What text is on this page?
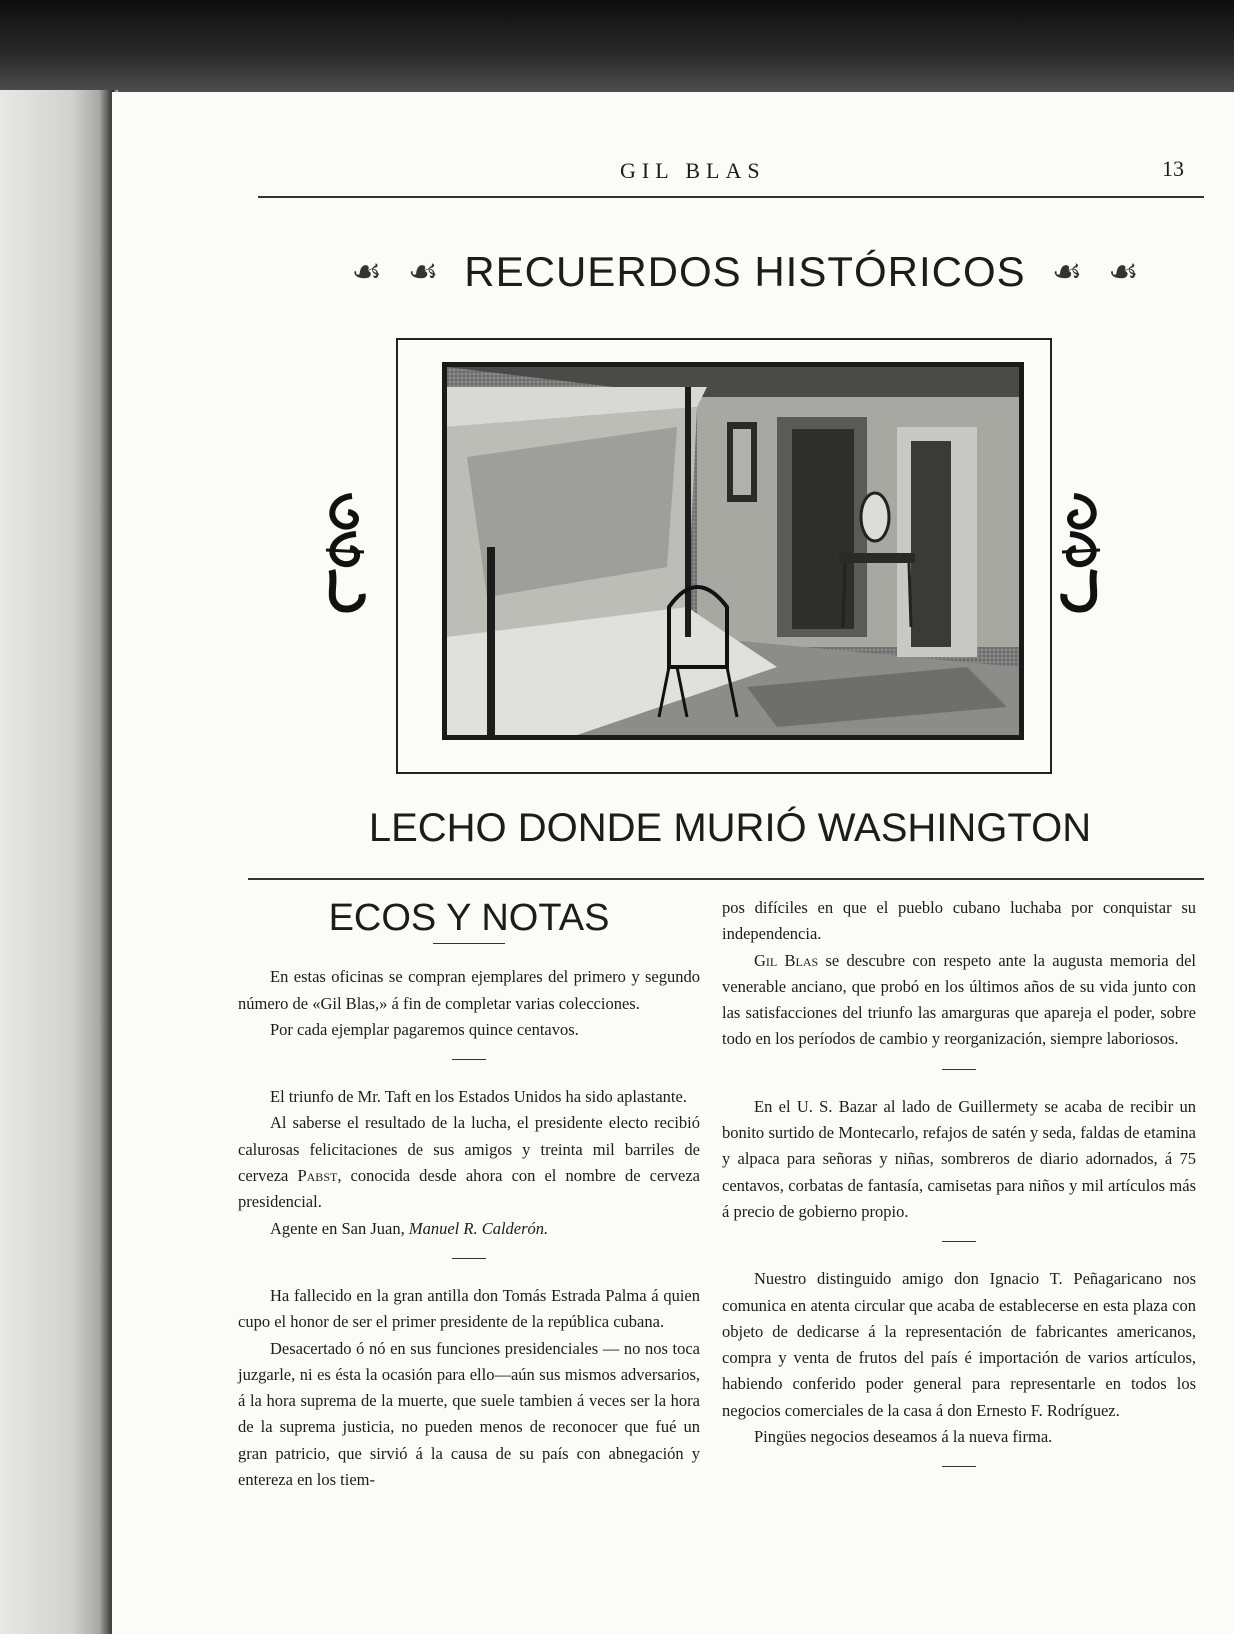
GIL BLAS	13
☙ ☙ RECUERDOS HISTÓRICOS ☙ ☙
LECHO DONDE MURIÓ WASHINGTON
ECOS Y NOTAS

En estas oficinas se compran ejemplares del primero y segundo número de «Gil Blas,» á fin de completar varias colecciones.

Por cada ejemplar pagaremos quince centavos.

El triunfo de Mr. Taft en los Estados Unidos ha sido aplastante.

Al saberse el resultado de la lucha, el presidente electo recibió calurosas felicitaciones de sus amigos y treinta mil barriles de cerveza Pabst, conocida desde ahora con el nombre de cerveza presidencial.

Agente en San Juan, Manuel R. Calderón.

Ha fallecido en la gran antilla don Tomás Estrada Palma á quien cupo el honor de ser el primer presidente de la república cubana.

Desacertado ó nó en sus funciones presidenciales — no nos toca juzgarle, ni es ésta la ocasión para ello—aún sus mismos adversarios, á la hora suprema de la muerte, que suele tambien á veces ser la hora de la suprema justicia, no pueden menos de reconocer que fué un gran patricio, que sirvió á la causa de su país con abnegación y entereza en los tiem-

pos difíciles en que el pueblo cubano luchaba por conquistar su independencia.

Gil Blas se descubre con respeto ante la augusta memoria del venerable anciano, que probó en los últimos años de su vida junto con las satisfacciones del triunfo las amarguras que apareja el poder, sobre todo en los períodos de cambio y reorganización, siempre laboriosos.

En el U. S. Bazar al lado de Guillermety se acaba de recibir un bonito surtido de Montecarlo, refajos de satén y seda, faldas de etamina y alpaca para señoras y niñas, sombreros de diario adornados, á 75 centavos, corbatas de fantasía, camisetas para niños y mil artículos más á precio de gobierno propio.

Nuestro distinguido amigo don Ignacio T. Peñagaricano nos comunica en atenta circular que acaba de establecerse en esta plaza con objeto de dedicarse á la representación de fabricantes americanos, compra y venta de frutos del país é importación de varios artículos, habiendo conferido poder general para representarle en todos los negocios comerciales de la casa á don Ernesto F. Rodríguez.

Pingües negocios deseamos á la nueva firma.
